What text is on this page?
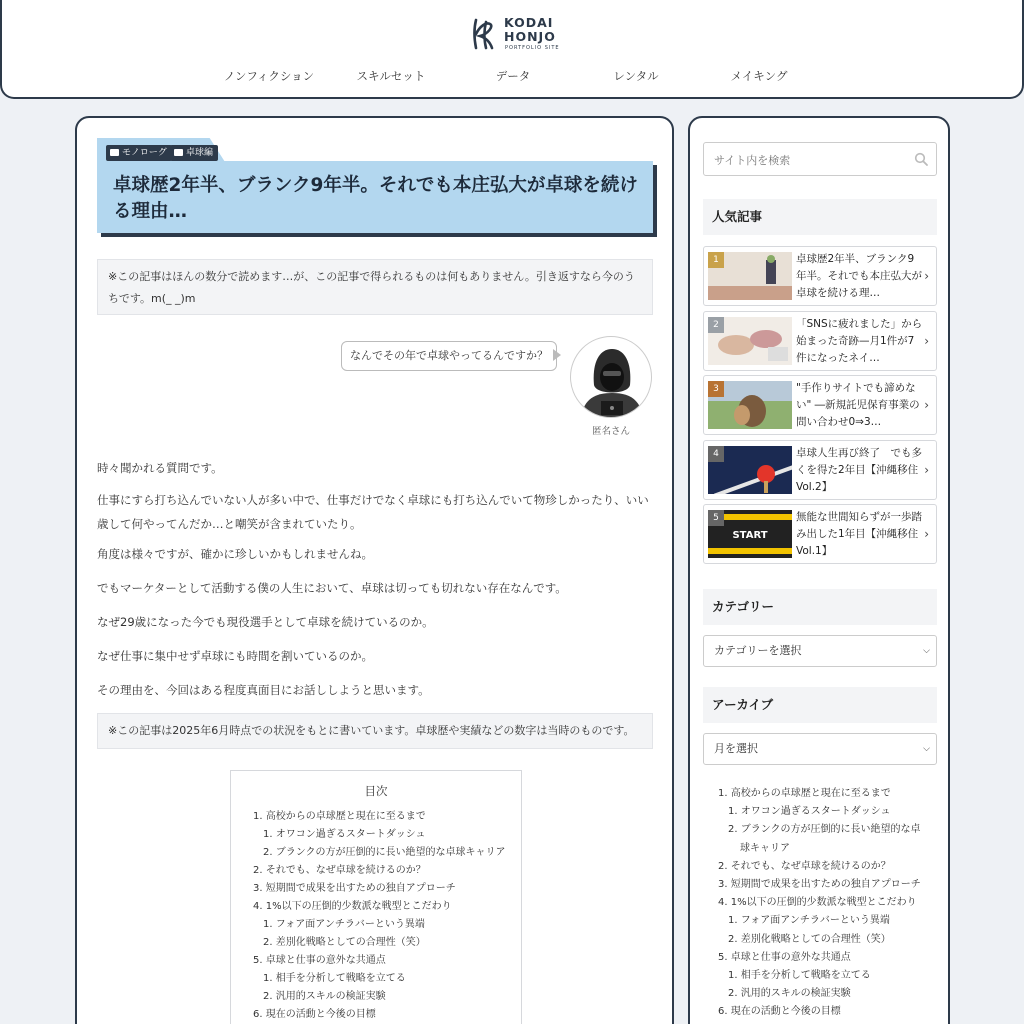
KODAI
HONJO
PORTFOLIO SITE
ノンフィクション	スキルセット	データ	レンタル	メイキング
モノローグ	卓球編
卓球歴2年半、ブランク9年半。それでも本庄弘大が卓球を続ける理由…
※この記事はほんの数分で読めます…が、この記事で得られるものは何もありません。引き返すなら今のうちです。m(_ _)m
なんでその年で卓球やってるんですか？
匿名さん

時々聞かれる質問です。

仕事にすら打ち込んでいない人が多い中で、仕事だけでなく卓球にも打ち込んでいて物珍しかったり、いい歳して何やってんだか…と嘲笑が含まれていたり。

角度は様々ですが、確かに珍しいかもしれませんね。

でもマーケターとして活動する僕の人生において、卓球は切っても切れない存在なんです。

なぜ29歳になった今でも現役選手として卓球を続けているのか。

なぜ仕事に集中せず卓球にも時間を割いているのか。

その理由を、今回はある程度真面目にお話ししようと思います。

※この記事は2025年6月時点での状況をもとに書いています。卓球歴や実績などの数字は当時のものです。
目次
1. 高校からの卓球歴と現在に至るまで
1. オワコン過ぎるスタートダッシュ
2. ブランクの方が圧倒的に長い絶望的な卓球キャリア
2. それでも、なぜ卓球を続けるのか？
3. 短期間で成果を出すための独自アプローチ
4. 1%以下の圧倒的少数派な戦型とこだわり
1. フォア面アンチラバーという異端
2. 差別化戦略としての合理性（笑）
5. 卓球と仕事の意外な共通点
1. 相手を分析して戦略を立てる
2. 汎用的スキルの検証実験
6. 現在の活動と今後の目標
サイト内を検索
人気記事
1	卓球歴2年半、ブランク9年半。それでも本庄弘大が卓球を続ける理…
›
2	「SNSに疲れました」から始まった奇跡—月1件が7件になったネイ…
›
3	"手作りサイトでも諦めない" ―新規託児保育事業の問い合わせ0⇒3…
›
4	卓球人生再び終了　でも多くを得た2年目【沖縄移住Vol.2】
›
START
5	無能な世間知らずが一歩踏み出した1年目【沖縄移住Vol.1】
›
カテゴリー
カテゴリーを選択	⌵
アーカイブ
月を選択	⌵
1. 高校からの卓球歴と現在に至るまで
1. オワコン過ぎるスタートダッシュ
2. ブランクの方が圧倒的に長い絶望的な卓
球キャリア
2. それでも、なぜ卓球を続けるのか？
3. 短期間で成果を出すための独自アプローチ
4. 1%以下の圧倒的少数派な戦型とこだわり
1. フォア面アンチラバーという異端
2. 差別化戦略としての合理性（笑）
5. 卓球と仕事の意外な共通点
1. 相手を分析して戦略を立てる
2. 汎用的スキルの検証実験
6. 現在の活動と今後の目標
